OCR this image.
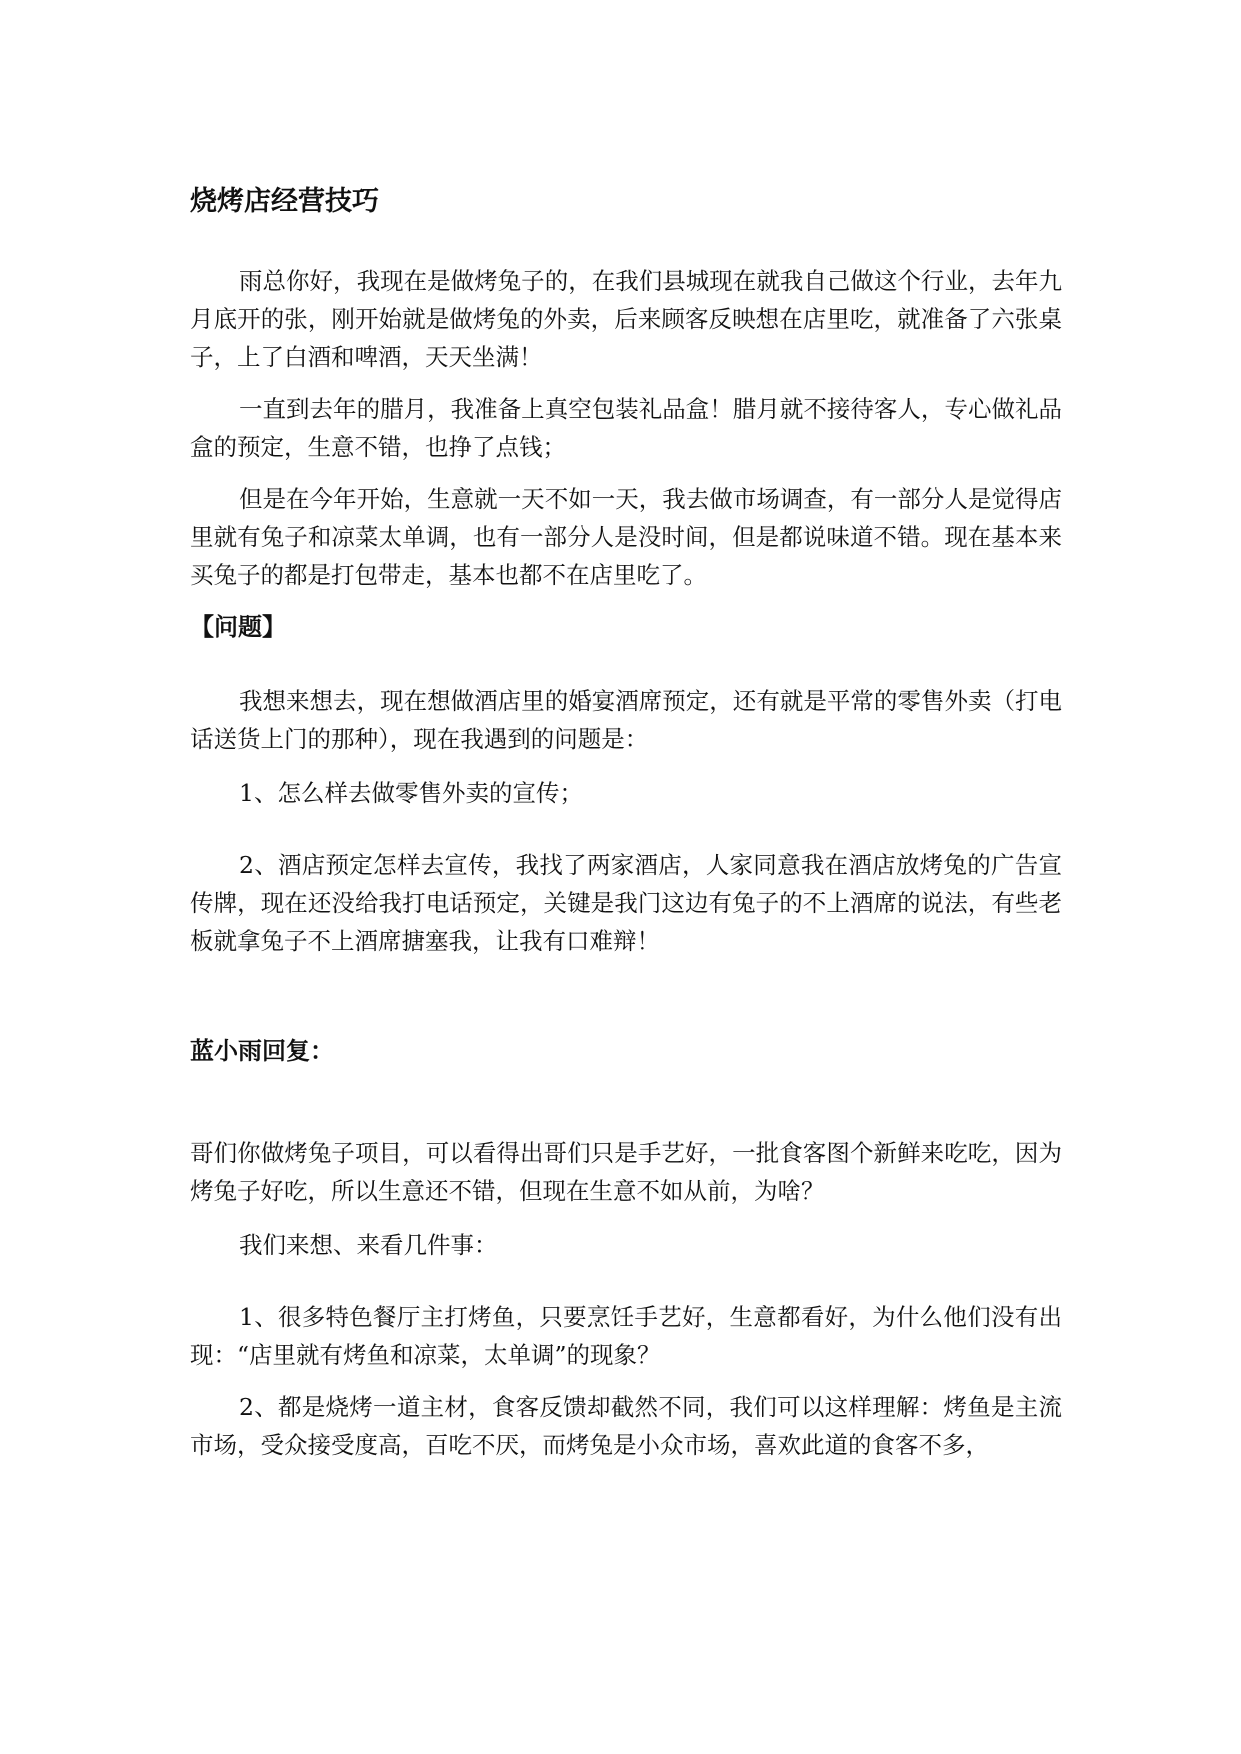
烧烤店经营技巧

雨总你好，我现在是做烤兔子的，在我们县城现在就我自己做这个行业，去年九月底开的张，刚开始就是做烤兔的外卖，后来顾客反映想在店里吃，就准备了六张桌子，上了白酒和啤酒，天天坐满！

一直到去年的腊月，我准备上真空包装礼品盒！腊月就不接待客人，专心做礼品盒的预定，生意不错，也挣了点钱；

但是在今年开始，生意就一天不如一天，我去做市场调查，有一部分人是觉得店里就有兔子和凉菜太单调，也有一部分人是没时间，但是都说味道不错。现在基本来买兔子的都是打包带走，基本也都不在店里吃了。

【问题】

我想来想去，现在想做酒店里的婚宴酒席预定，还有就是平常的零售外卖（打电话送货上门的那种），现在我遇到的问题是：

1、怎么样去做零售外卖的宣传；

2、酒店预定怎样去宣传，我找了两家酒店，人家同意我在酒店放烤兔的广告宣传牌，现在还没给我打电话预定，关键是我门这边有兔子的不上酒席的说法，有些老板就拿兔子不上酒席搪塞我，让我有口难辩！

蓝小雨回复：

哥们你做烤兔子项目，可以看得出哥们只是手艺好，一批食客图个新鲜来吃吃，因为烤兔子好吃，所以生意还不错，但现在生意不如从前，为啥？

我们来想、来看几件事：

1、很多特色餐厅主打烤鱼，只要烹饪手艺好，生意都看好，为什么他们没有出现：“店里就有烤鱼和凉菜，太单调”的现象？

2、都是烧烤一道主材，食客反馈却截然不同，我们可以这样理解：烤鱼是主流市场，受众接受度高，百吃不厌，而烤兔是小众市场，喜欢此道的食客不多，
